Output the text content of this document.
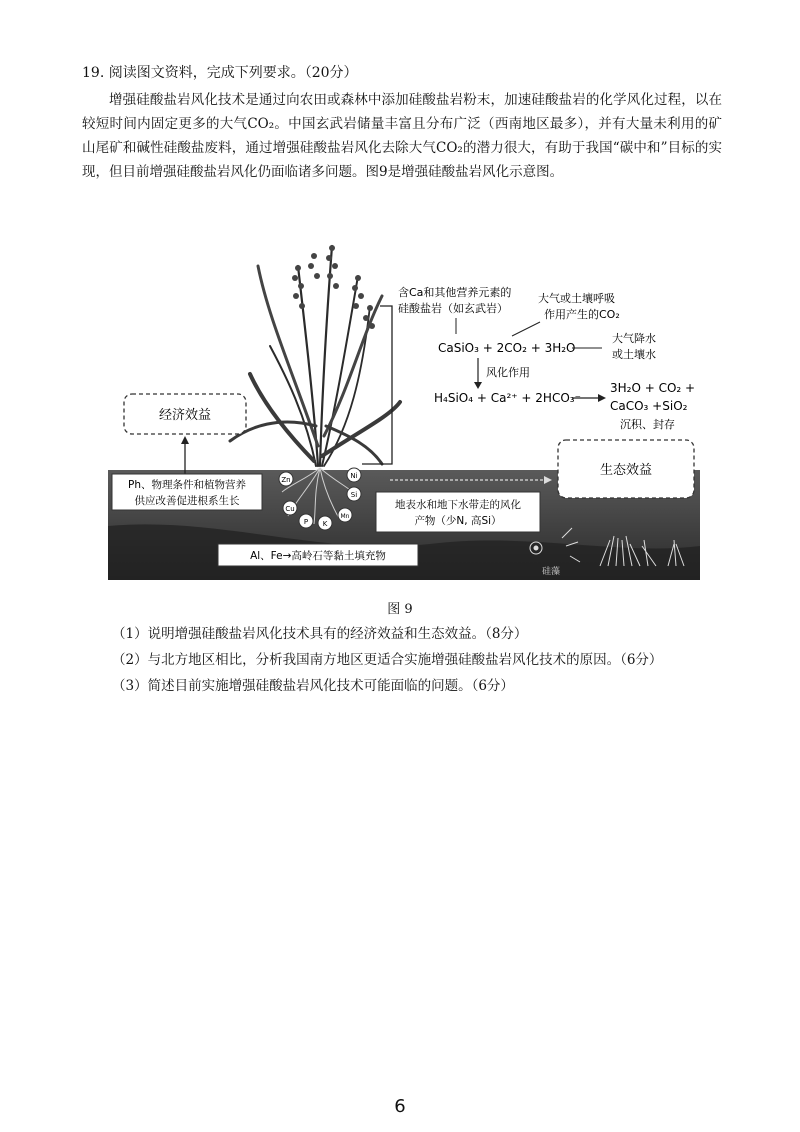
19. 阅读图文资料，完成下列要求。（20分）
增强硅酸盐岩风化技术是通过向农田或森林中添加硅酸盐岩粉末，加速硅酸盐岩的化学风化过程，以在较短时间内固定更多的大气CO₂。中国玄武岩储量丰富且分布广泛（西南地区最多），并有大量未利用的矿山尾矿和碱性硅酸盐废料，通过增强硅酸盐岩风化去除大气CO₂的潜力很大，有助于我国“碳中和”目标的实现，但目前增强硅酸盐岩风化仍面临诸多问题。图9是增强硅酸盐岩风化示意图。
Zn	Ni
Cu
Si
P K
Mn
含Ca和其他营养元素的
硅酸盐岩（如玄武岩）
大气或土壤呼吸
作用产生的CO₂
CaSiO₃ + 2CO₂ + 3H₂O
大气降水
或土壤水
风化作用
H₄SiO₄ + Ca²⁺ + 2HCO₃⁻
3H₂O + CO₂ +
CaCO₃ +SiO₂
沉积、封存
经济效益
生态效益
Ph、物理条件和植物营养
供应改善促进根系生长	地表水和地下水带走的风化
产物（少N, 高Si）
Al、Fe→高岭石等黏土填充物
硅藻
图 9
（1）说明增强硅酸盐岩风化技术具有的经济效益和生态效益。（8分）
（2）与北方地区相比，分析我国南方地区更适合实施增强硅酸盐岩风化技术的原因。（6分）
（3）简述目前实施增强硅酸盐岩风化技术可能面临的问题。（6分）
6
